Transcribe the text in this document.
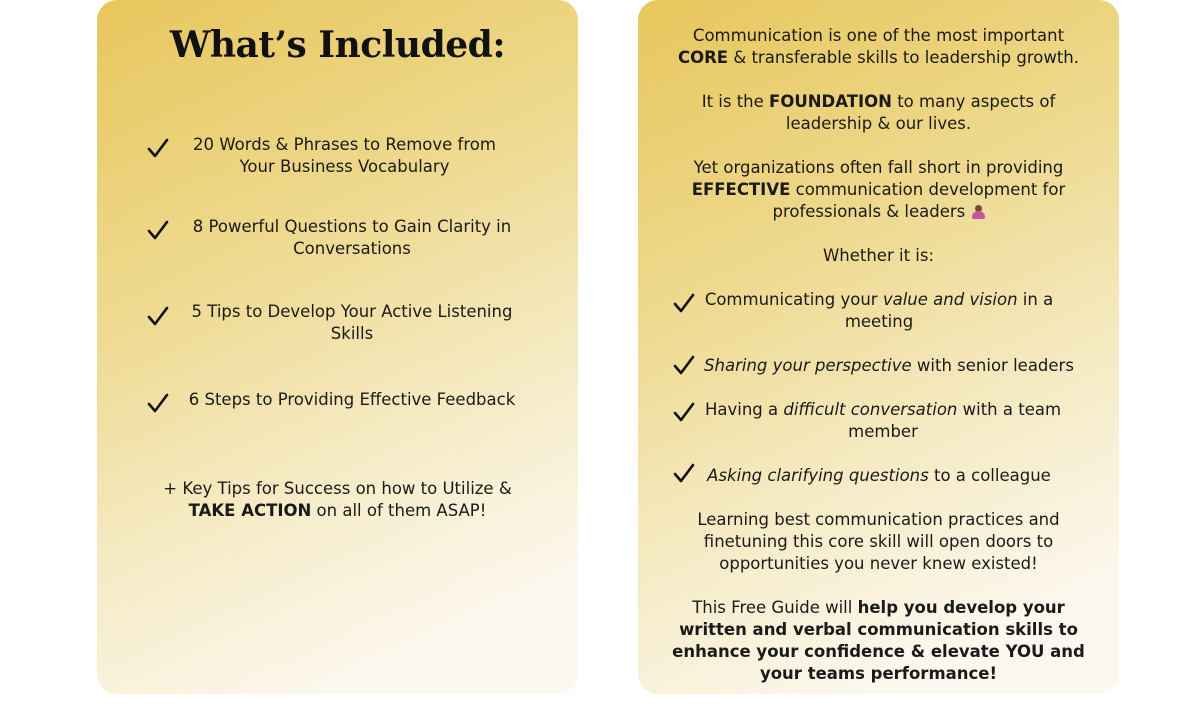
What’s Included:
20 Words & Phrases to Remove from
Your Business Vocabulary
8 Powerful Questions to Gain Clarity in
Conversations
5 Tips to Develop Your Active Listening
Skills
6 Steps to Providing Effective Feedback
+ Key Tips for Success on how to Utilize &
TAKE ACTION on all of them ASAP!
Communication is one of the most important
CORE & transferable skills to leadership growth.
It is the FOUNDATION to many aspects of
leadership & our lives.
Yet organizations often fall short in providing
EFFECTIVE communication development for
professionals & leaders
Whether it is:
Communicating your value and vision in a
meeting
Sharing your perspective with senior leaders
Having a difficult conversation with a team
member
Asking clarifying questions to a colleague
Learning best communication practices and
finetuning this core skill will open doors to
opportunities you never knew existed!
This Free Guide will help you develop your
written and verbal communication skills to
enhance your confidence & elevate YOU and
your teams performance!
